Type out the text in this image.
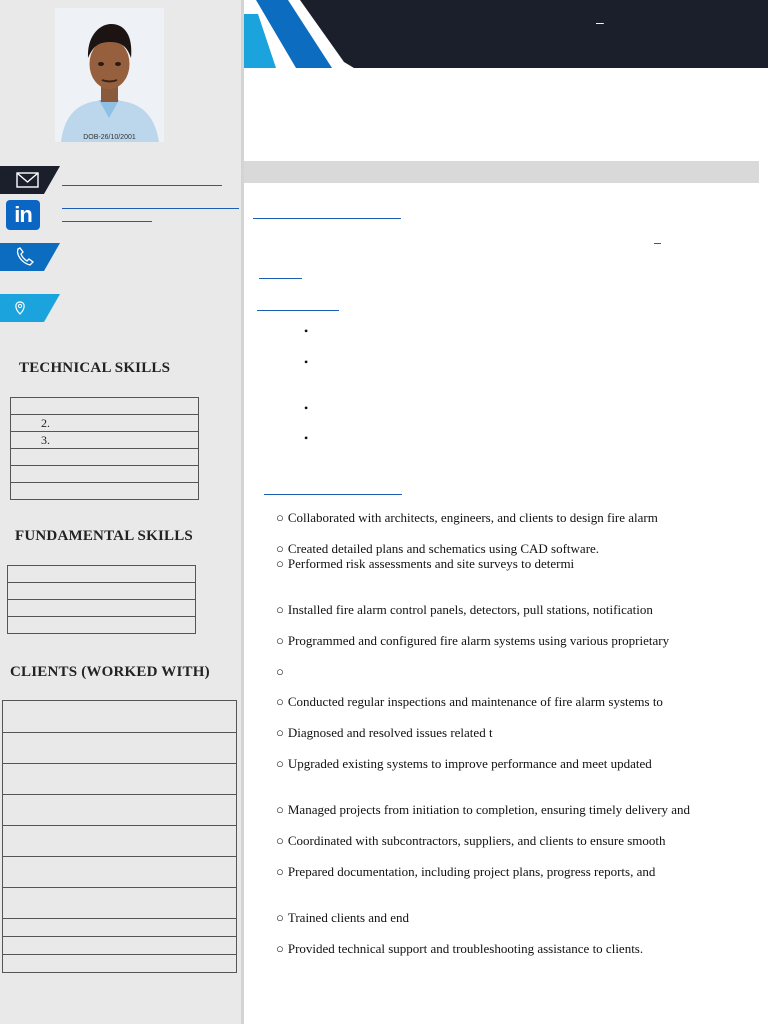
DOB-26/10/2001
in
TECHNICAL SKILLS

2.
3.

FUNDAMENTAL SKILLS

CLIENTS (WORKED WITH)

–
•
•
•
•
○ Collaborated with architects, engineers, and clients to design fire alarm
○ Created detailed plans and schematics using CAD software.
○ Performed risk assessments and site surveys to determi
○ Installed fire alarm control panels, detectors, pull stations, notification
○ Programmed and configured fire alarm systems using various proprietary
○
○ Conducted regular inspections and maintenance of fire alarm systems to
○ Diagnosed and resolved issues related t
○ Upgraded existing systems to improve performance and meet updated
○ Managed projects from initiation to completion, ensuring timely delivery and
○ Coordinated with subcontractors, suppliers, and clients to ensure smooth
○ Prepared documentation, including project plans, progress reports, and
○ Trained clients and end
○ Provided technical support and troubleshooting assistance to clients.
